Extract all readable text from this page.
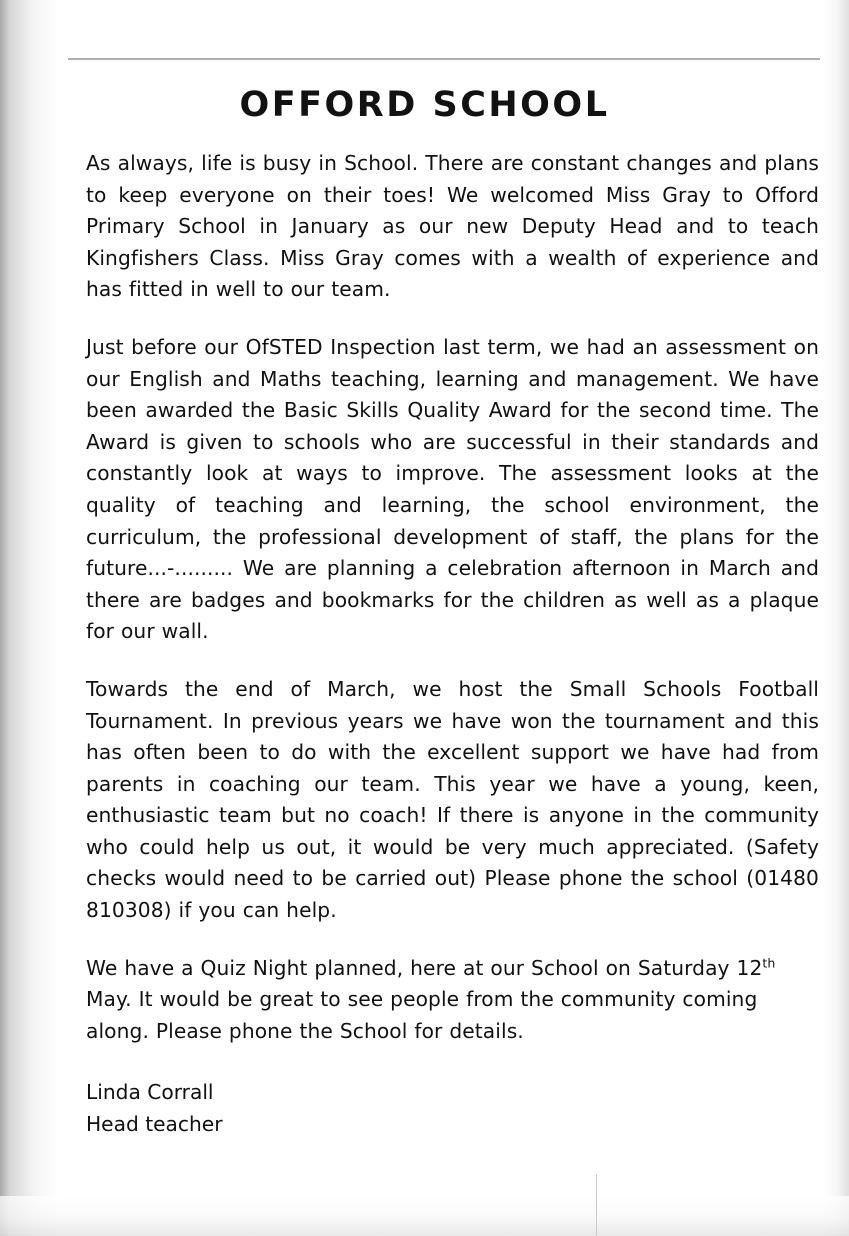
OFFORD SCHOOL

As always, life is busy in School. There are constant changes and plans to keep everyone on their toes! We welcomed Miss Gray to Offord Primary School in January as our new Deputy Head and to teach Kingfishers Class. Miss Gray comes with a wealth of experience and has fitted in well to our team.

Just before our OfSTED Inspection last term, we had an assessment on our English and Maths teaching, learning and management. We have been awarded the Basic Skills Quality Award for the second time. The Award is given to schools who are successful in their standards and constantly look at ways to improve. The assessment looks at the quality of teaching and learning, the school environment, the curriculum, the professional development of staff, the plans for the future...-......... We are planning a celebration afternoon in March and there are badges and bookmarks for the children as well as a plaque for our wall.

Towards the end of March, we host the Small Schools Football Tournament. In previous years we have won the tournament and this has often been to do with the excellent support we have had from parents in coaching our team. This year we have a young, keen, enthusiastic team but no coach! If there is anyone in the community who could help us out, it would be very much appreciated. (Safety checks would need to be carried out) Please phone the school (01480 810308) if you can help.

We have a Quiz Night planned, here at our School on Saturday 12th May. It would be great to see people from the community coming along. Please phone the School for details.

Linda Corrall
Head teacher
